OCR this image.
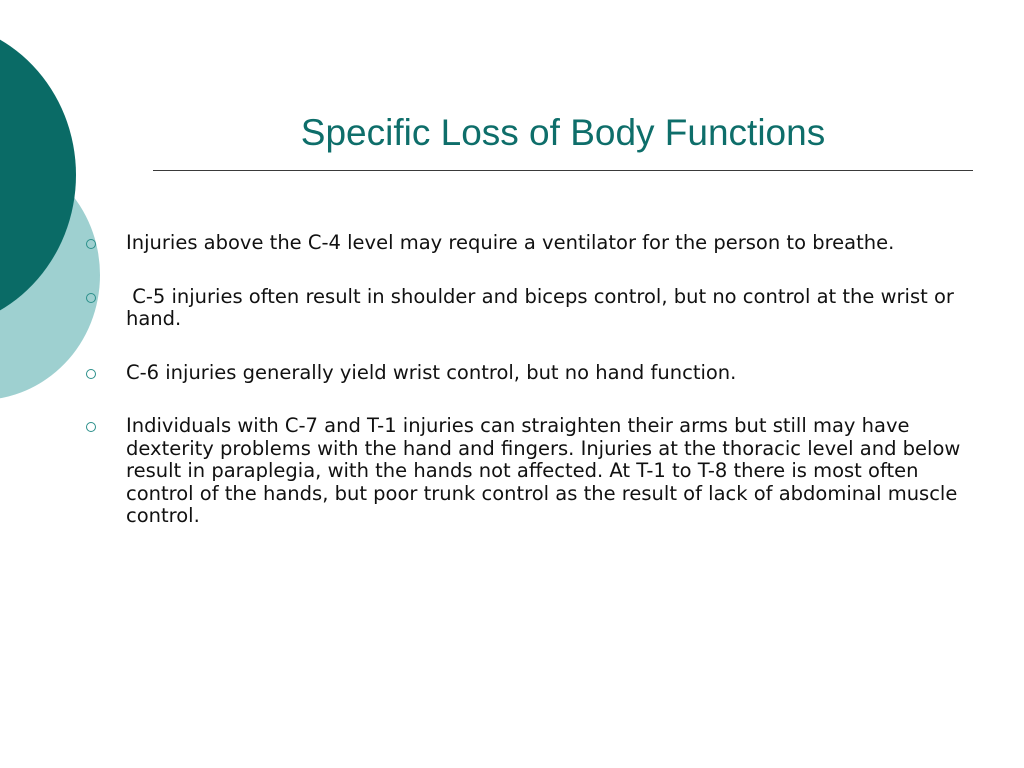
Specific Loss of Body Functions
Injuries above the C-4 level may require a ventilator for the person to breathe.
C-5 injuries often result in shoulder and biceps control, but no control at the wrist or hand.
C-6 injuries generally yield wrist control, but no hand function.
Individuals with C-7 and T-1 injuries can straighten their arms but still may have dexterity problems with the hand and fingers. Injuries at the thoracic level and below result in paraplegia, with the hands not affected. At T-1 to T-8 there is most often control of the hands, but poor trunk control as the result of lack of abdominal muscle control.
